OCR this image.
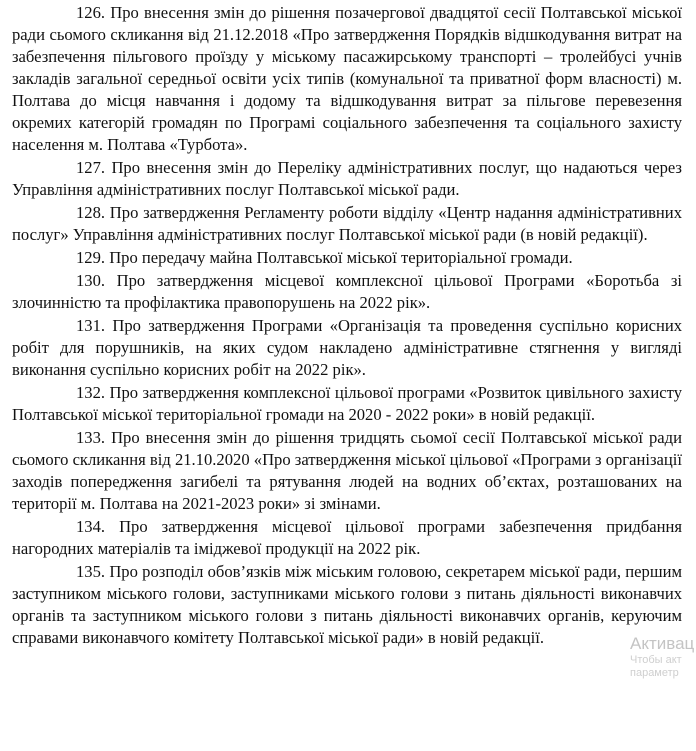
126. Про внесення змін до рішення позачергової двадцятої сесії Полтавської міської ради сьомого скликання від 21.12.2018 «Про затвердження Порядків відшкодування витрат на забезпечення пільгового проїзду у міському пасажирському транспорті – тролейбусі учнів закладів загальної середньої освіти усіх типів (комунальної та приватної форм власності) м. Полтава до місця навчання і додому та відшкодування витрат за пільгове перевезення окремих категорій громадян по Програмі соціального забезпечення та соціального захисту населення м. Полтава «Турбота».

127. Про внесення змін до Переліку адміністративних послуг, що надаються через Управління адміністративних послуг Полтавської міської ради.

128. Про затвердження Регламенту роботи відділу «Центр надання адміністративних послуг» Управління адміністративних послуг Полтавської міської ради (в новій редакції).

129. Про передачу майна Полтавської міської територіальної громади.

130. Про затвердження місцевої комплексної цільової Програми «Боротьба зі злочинністю та профілактика правопорушень на 2022 рік».

131. Про затвердження Програми «Організація та проведення суспільно корисних робіт для порушників, на яких судом накладено адміністративне стягнення у вигляді виконання суспільно корисних робіт на 2022 рік».

132. Про затвердження комплексної цільової програми «Розвиток цивільного захисту Полтавської міської територіальної громади на 2020 - 2022 роки» в новій редакції.

133. Про внесення змін до рішення тридцять сьомої сесії Полтавської міської ради сьомого скликання від 21.10.2020 «Про затвердження міської цільової «Програми з організації заходів попередження загибелі та рятування людей на водних об’єктах, розташованих на території м. Полтава на 2021-2023 роки» зі змінами.

134. Про затвердження місцевої цільової програми забезпечення придбання нагородних матеріалів та іміджевої продукції на 2022 рік.

135. Про розподіл обов’язків між міським головою, секретарем міської ради, першим заступником міського голови, заступниками міського голови з питань діяльності виконавчих органів та заступником міського голови з питань діяльності виконавчих органів, керуючим справами виконавчого комітету Полтавської міської ради» в новій редакції.	Активац
Чтобы акт
параметр
